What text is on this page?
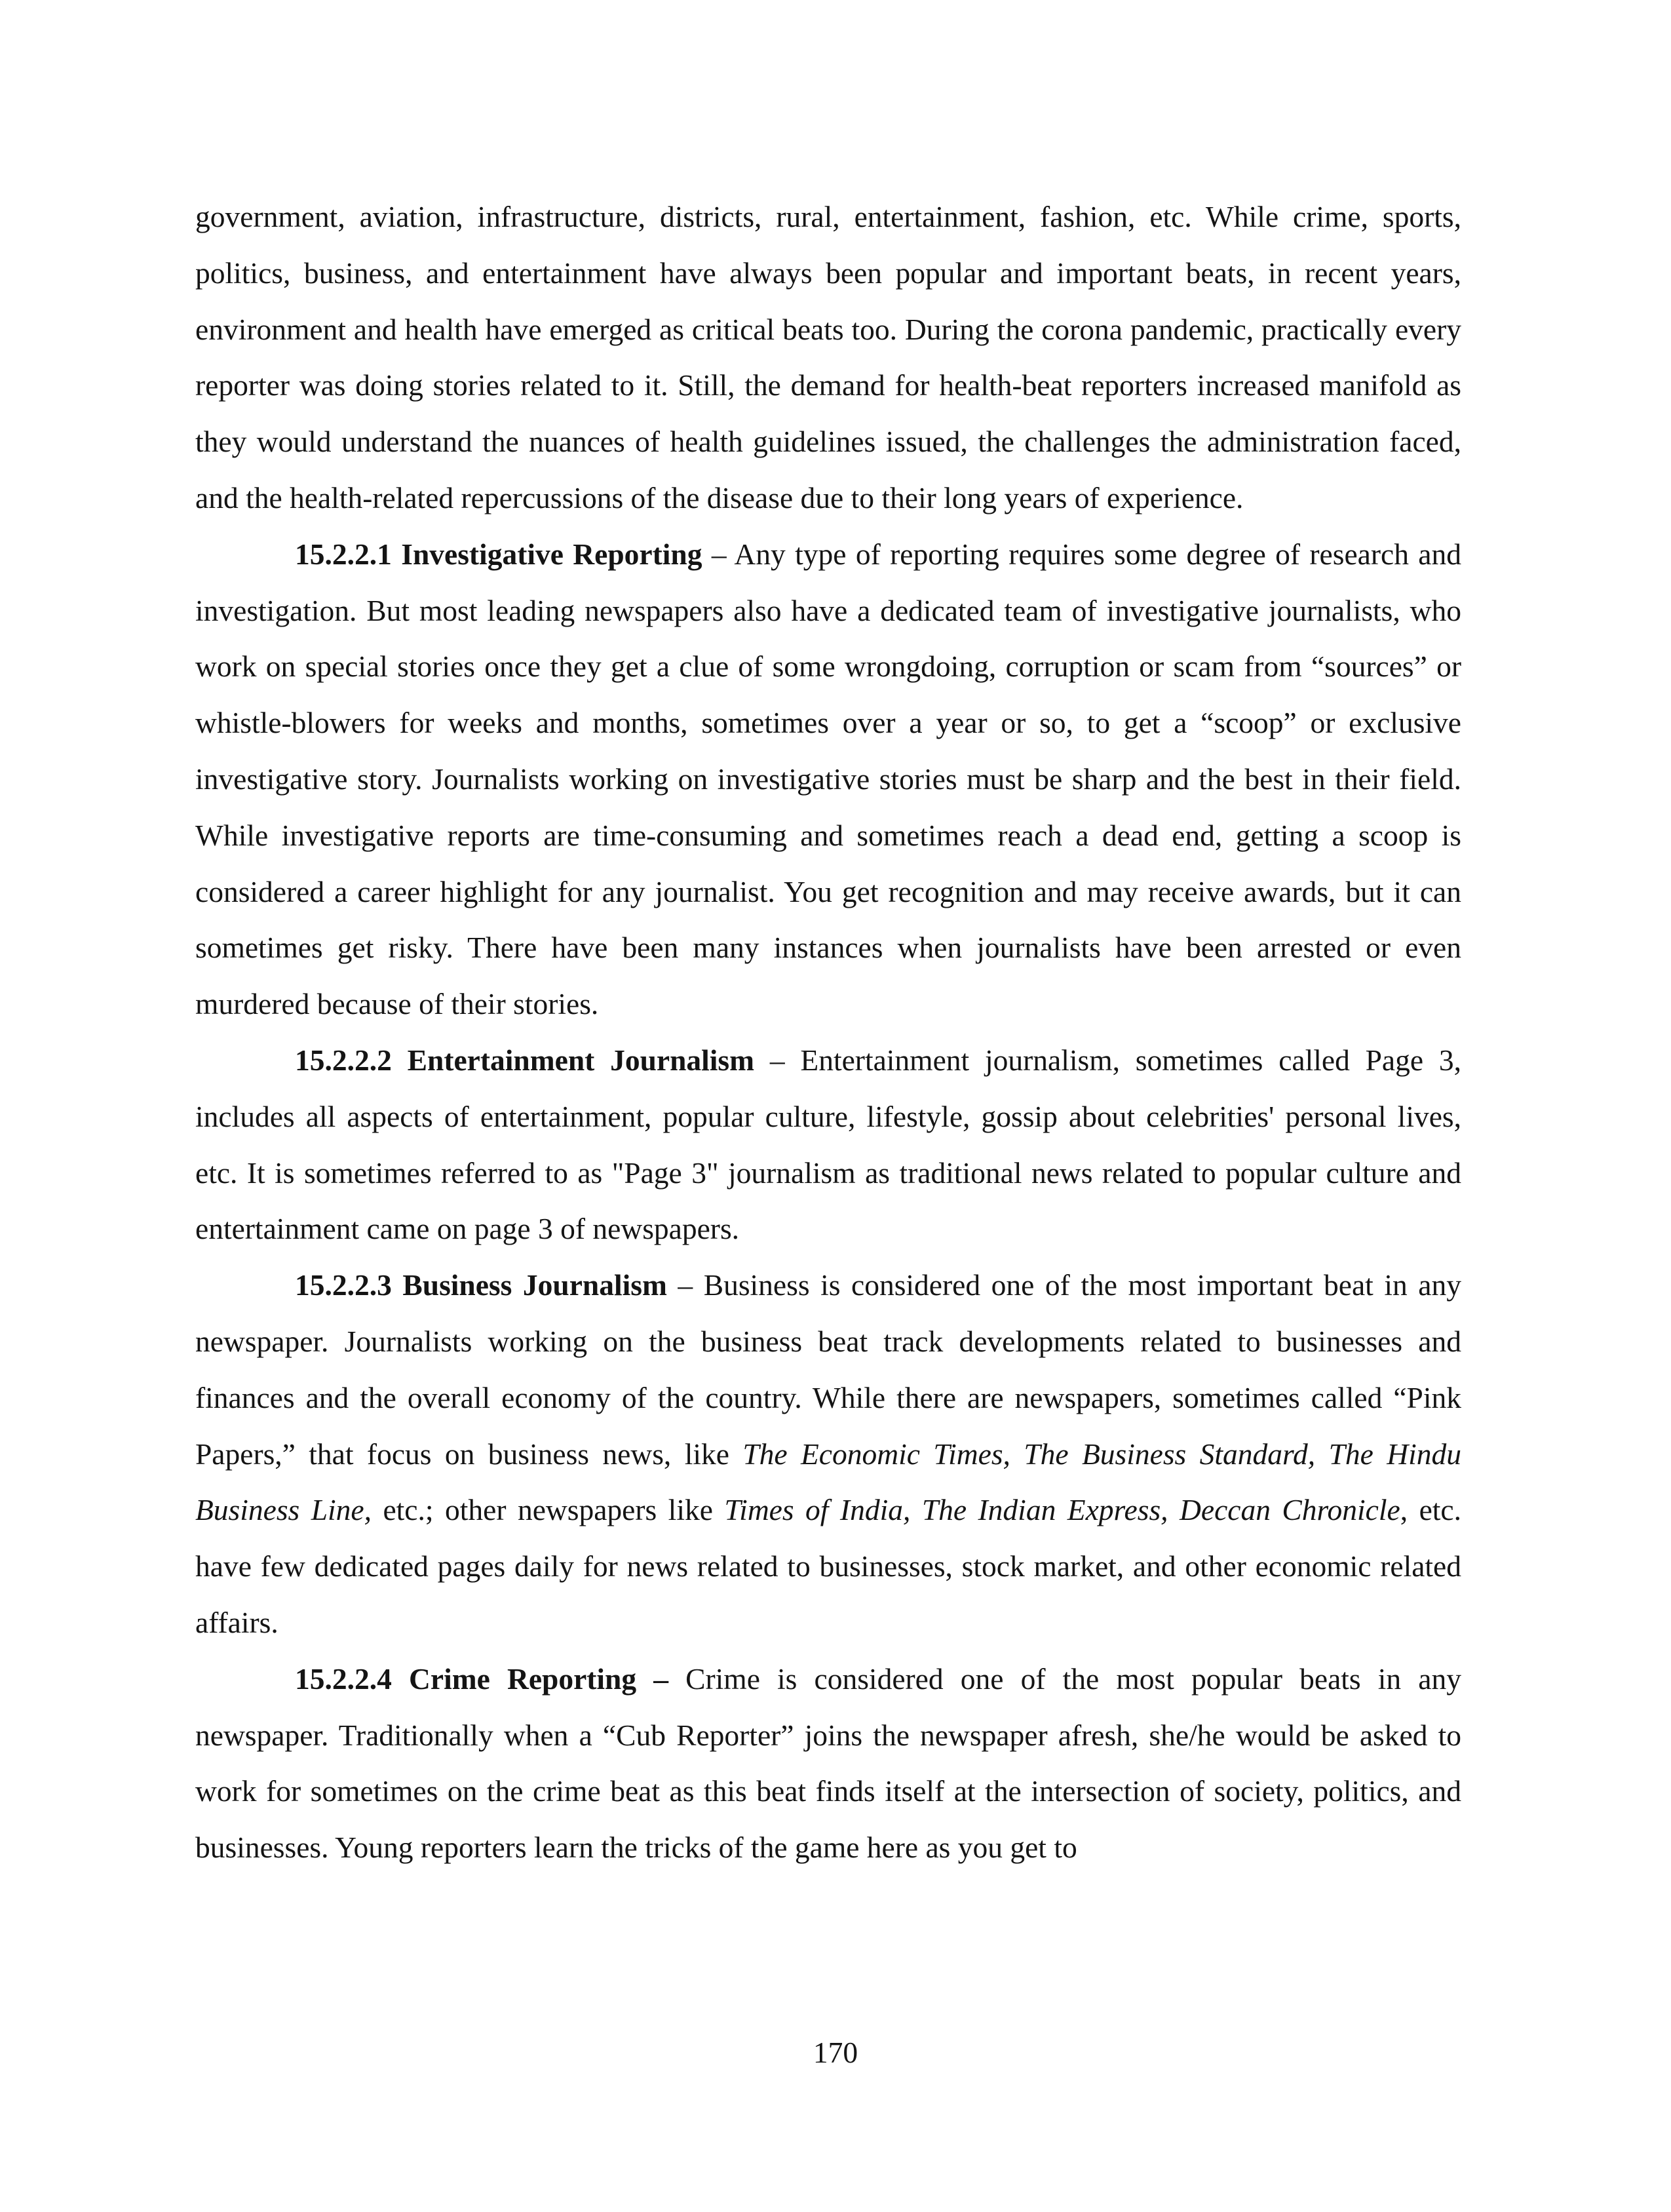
government, aviation, infrastructure, districts, rural, entertainment, fashion, etc. While crime, sports, politics, business, and entertainment have always been popular and important beats, in recent years, environment and health have emerged as critical beats too. During the corona pandemic, practically every reporter was doing stories related to it. Still, the demand for health-beat reporters increased manifold as they would understand the nuances of health guidelines issued, the challenges the administration faced, and the health-related repercussions of the disease due to their long years of experience.

15.2.2.1 Investigative Reporting – Any type of reporting requires some degree of research and investigation. But most leading newspapers also have a dedicated team of investigative journalists, who work on special stories once they get a clue of some wrongdoing, corruption or scam from “sources” or whistle-blowers for weeks and months, sometimes over a year or so, to get a “scoop” or exclusive investigative story. Journalists working on investigative stories must be sharp and the best in their field. While investigative reports are time-consuming and sometimes reach a dead end, getting a scoop is considered a career highlight for any journalist. You get recognition and may receive awards, but it can sometimes get risky. There have been many instances when journalists have been arrested or even murdered because of their stories.

15.2.2.2 Entertainment Journalism – Entertainment journalism, sometimes called Page 3, includes all aspects of entertainment, popular culture, lifestyle, gossip about celebrities' personal lives, etc. It is sometimes referred to as "Page 3" journalism as traditional news related to popular culture and entertainment came on page 3 of newspapers.

15.2.2.3 Business Journalism – Business is considered one of the most important beat in any newspaper. Journalists working on the business beat track developments related to businesses and finances and the overall economy of the country. While there are newspapers, sometimes called “Pink Papers,” that focus on business news, like The Economic Times, The Business Standard, The Hindu Business Line, etc.; other newspapers like Times of India, The Indian Express, Deccan Chronicle, etc. have few dedicated pages daily for news related to businesses, stock market, and other economic related affairs.

15.2.2.4 Crime Reporting – Crime is considered one of the most popular beats in any newspaper. Traditionally when a “Cub Reporter” joins the newspaper afresh, she/he would be asked to work for sometimes on the crime beat as this beat finds itself at the intersection of society, politics, and businesses. Young reporters learn the tricks of the game here as you get to

170
